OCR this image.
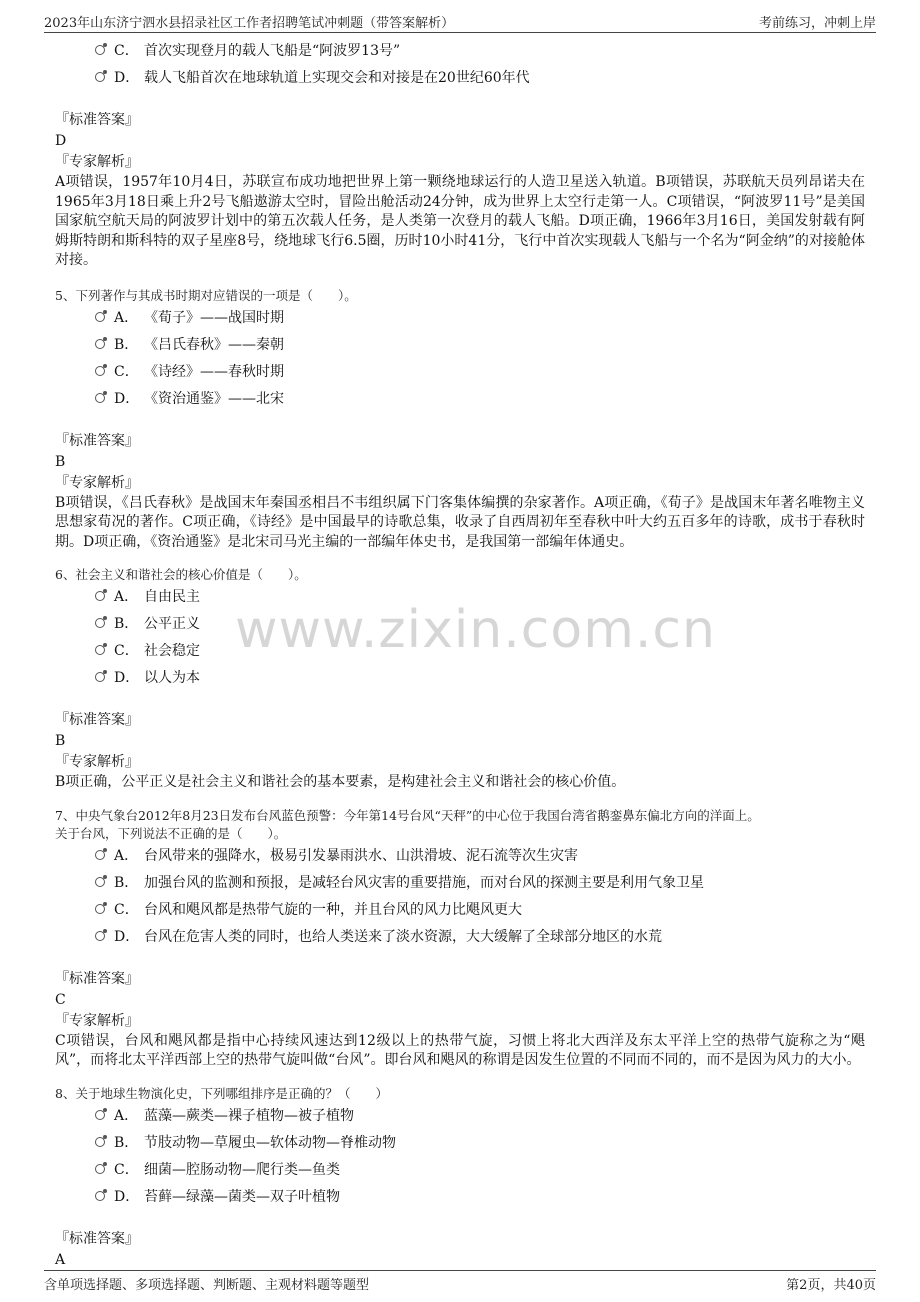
2023年山东济宁泗水县招录社区工作者招聘笔试冲刺题（带答案解析）	考前练习，冲刺上岸
www.zixin.com.cn
C． 首次实现登月的载人飞船是“阿波罗13号”
D． 载人飞船首次在地球轨道上实现交会和对接是在20世纪60年代
『标准答案』
D
『专家解析』
A项错误，1957年10月4日，苏联宣布成功地把世界上第一颗绕地球运行的人造卫星送入轨道。B项错误，苏联航天员列昂诺夫在1965年3月18日乘上升2号飞船遨游太空时，冒险出舱活动24分钟，成为世界上太空行走第一人。C项错误，“阿波罗11号”是美国国家航空航天局的阿波罗计划中的第五次载人任务，是人类第一次登月的载人飞船。D项正确，1966年3月16日，美国发射载有阿姆斯特朗和斯科特的双子星座8号，绕地球飞行6.5圈，历时10小时41分，飞行中首次实现载人飞船与一个名为“阿金纳”的对接舱体对接。
5、下列著作与其成书时期对应错误的一项是（　　）。
A． 《荀子》——战国时期
B． 《吕氏春秋》——秦朝
C． 《诗经》——春秋时期
D． 《资治通鉴》——北宋
『标准答案』
B
『专家解析』
B项错误，《吕氏春秋》是战国末年秦国丞相吕不韦组织属下门客集体编撰的杂家著作。A项正确，《荀子》是战国末年著名唯物主义思想家荀况的著作。C项正确，《诗经》是中国最早的诗歌总集，收录了自西周初年至春秋中叶大约五百多年的诗歌，成书于春秋时期。D项正确，《资治通鉴》是北宋司马光主编的一部编年体史书，是我国第一部编年体通史。
6、社会主义和谐社会的核心价值是（　　）。
A． 自由民主
B． 公平正义
C． 社会稳定
D． 以人为本
『标准答案』
B
『专家解析』
B项正确，公平正义是社会主义和谐社会的基本要素，是构建社会主义和谐社会的核心价值。
7、中央气象台2012年8月23日发布台风蓝色预警：今年第14号台风“天秤”的中心位于我国台湾省鹅銮鼻东偏北方向的洋面上。
关于台风，下列说法不正确的是（　　）。
A． 台风带来的强降水，极易引发暴雨洪水、山洪滑坡、泥石流等次生灾害
B． 加强台风的监测和预报，是减轻台风灾害的重要措施，而对台风的探测主要是利用气象卫星
C． 台风和飓风都是热带气旋的一种，并且台风的风力比飓风更大
D． 台风在危害人类的同时，也给人类送来了淡水资源，大大缓解了全球部分地区的水荒
『标准答案』
C
『专家解析』
C项错误，台风和飓风都是指中心持续风速达到12级以上的热带气旋，习惯上将北大西洋及东太平洋上空的热带气旋称之为“飓风”，而将北太平洋西部上空的热带气旋叫做“台风”。即台风和飓风的称谓是因发生位置的不同而不同的，而不是因为风力的大小。
8、关于地球生物演化史，下列哪组排序是正确的？（　　）
A． 蓝藻—蕨类—裸子植物—被子植物
B． 节肢动物—草履虫—软体动物—脊椎动物
C． 细菌—腔肠动物—爬行类—鱼类
D． 苔藓—绿藻—菌类—双子叶植物
『标准答案』
A
含单项选择题、多项选择题、判断题、主观材料题等题型	第2页，共40页
